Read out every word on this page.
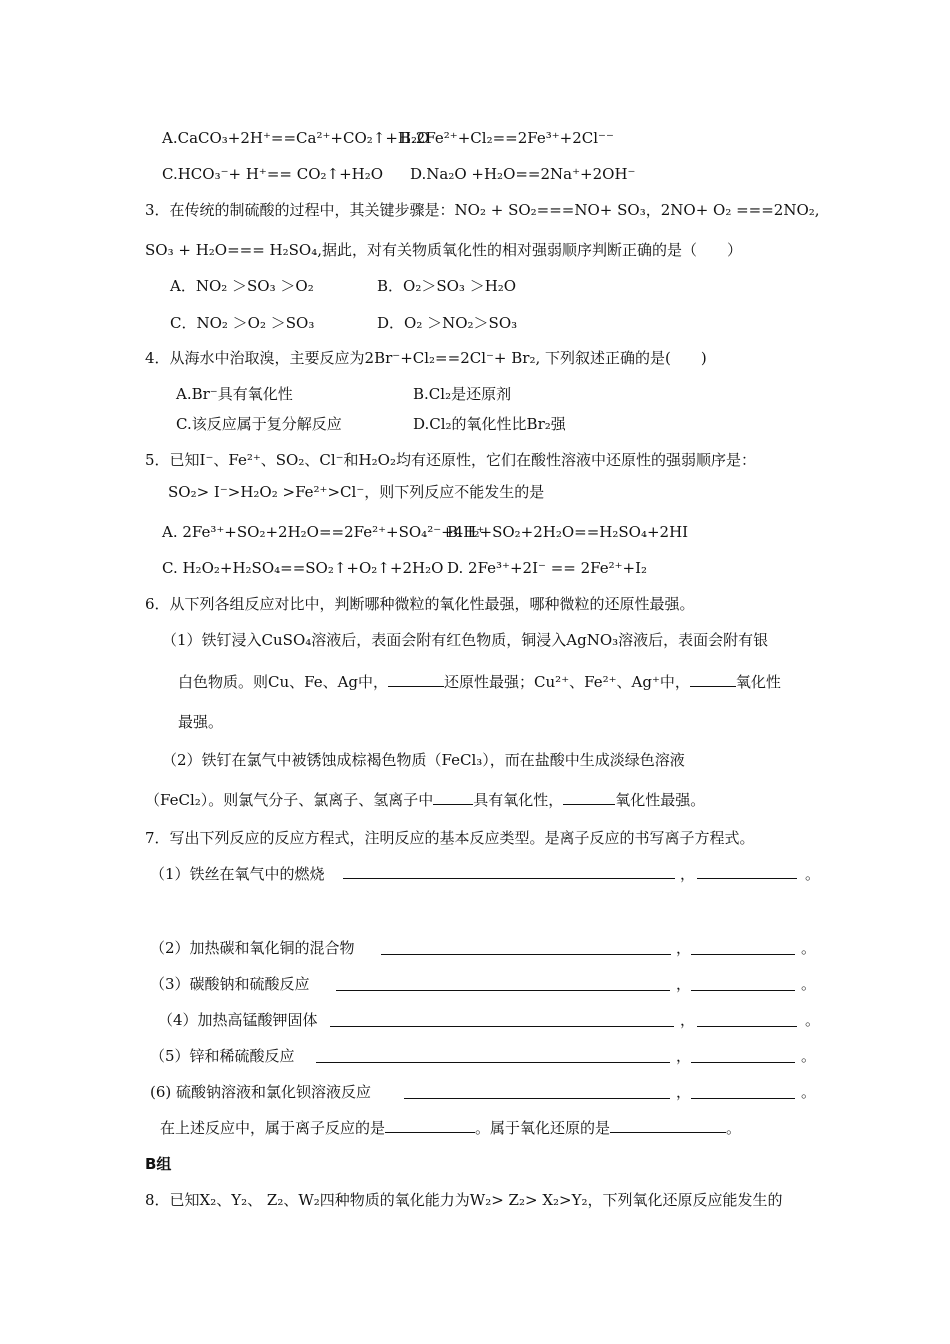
A.CaCO₃+2H⁺==Ca²⁺+CO₂↑+H₂O
B.2Fe²⁺+Cl₂==2Fe³⁺+2Cl⁻⁻
C.HCO₃⁻+ H⁺== CO₂↑+H₂O D.Na₂O +H₂O==2Na⁺+2OH⁻
3．在传统的制硫酸的过程中，其关键步骤是：NO₂ + SO₂===NO+ SO₃，2NO+ O₂ ===2NO₂,
SO₃ + H₂O=== H₂SO₄,据此，对有关物质氧化性的相对强弱顺序判断正确的是（　　）
A．NO₂ ＞SO₃ ＞O₂	B．O₂＞SO₃ ＞H₂O
C．NO₂ ＞O₂ ＞SO₃	D．O₂ ＞NO₂＞SO₃
4．从海水中治取溴，主要反应为2Br⁻+Cl₂==2Cl⁻+ Br₂, 下列叙述正确的是(　　)
A.Br⁻具有氧化性	B.Cl₂是还原剂
C.该反应属于复分解反应	D.Cl₂的氧化性比Br₂强
5．已知I⁻、Fe²⁺、SO₂、Cl⁻和H₂O₂均有还原性，它们在酸性溶液中还原性的强弱顺序是：
SO₂> I⁻>H₂O₂ >Fe²⁺>Cl⁻，则下列反应不能发生的是
A. 2Fe³⁺+SO₂+2H₂O==2Fe²⁺+SO₄²⁻+4H⁺
B. I₂+SO₂+2H₂O==H₂SO₄+2HI
C. H₂O₂+H₂SO₄==SO₂↑+O₂↑+2H₂O D. 2Fe³⁺+2I⁻ == 2Fe²⁺+I₂
6．从下列各组反应对比中，判断哪种微粒的氧化性最强，哪种微粒的还原性最强。
（1）铁钉浸入CuSO₄溶液后，表面会附有红色物质，铜浸入AgNO₃溶液后，表面会附有银
白色物质。则Cu、Fe、Ag中，	还原性最强；Cu²⁺、Fe²⁺、Ag⁺中，	氧化性
最强。
（2）铁钉在氯气中被锈蚀成棕褐色物质（FeCl₃），而在盐酸中生成淡绿色溶液
（FeCl₂）。则氯气分子、氯离子、氢离子中	具有氧化性，	氧化性最强。
7．写出下列反应的反应方程式，注明反应的基本反应类型。是离子反应的书写离子方程式。
（1）铁丝在氧气中的燃烧	，	。
（2）加热碳和氧化铜的混合物	，	。
（3）碳酸钠和硫酸反应	，	。
（4）加热高锰酸钾固体	，	。
（5）锌和稀硫酸反应	，	。
(6) 硫酸钠溶液和氯化钡溶液反应	，	。
在上述反应中，属于离子反应的是	。属于氧化还原的是	。
B组
8．已知X₂、Y₂、 Z₂、W₂四种物质的氧化能力为W₂> Z₂> X₂>Y₂，下列氧化还原反应能发生的
